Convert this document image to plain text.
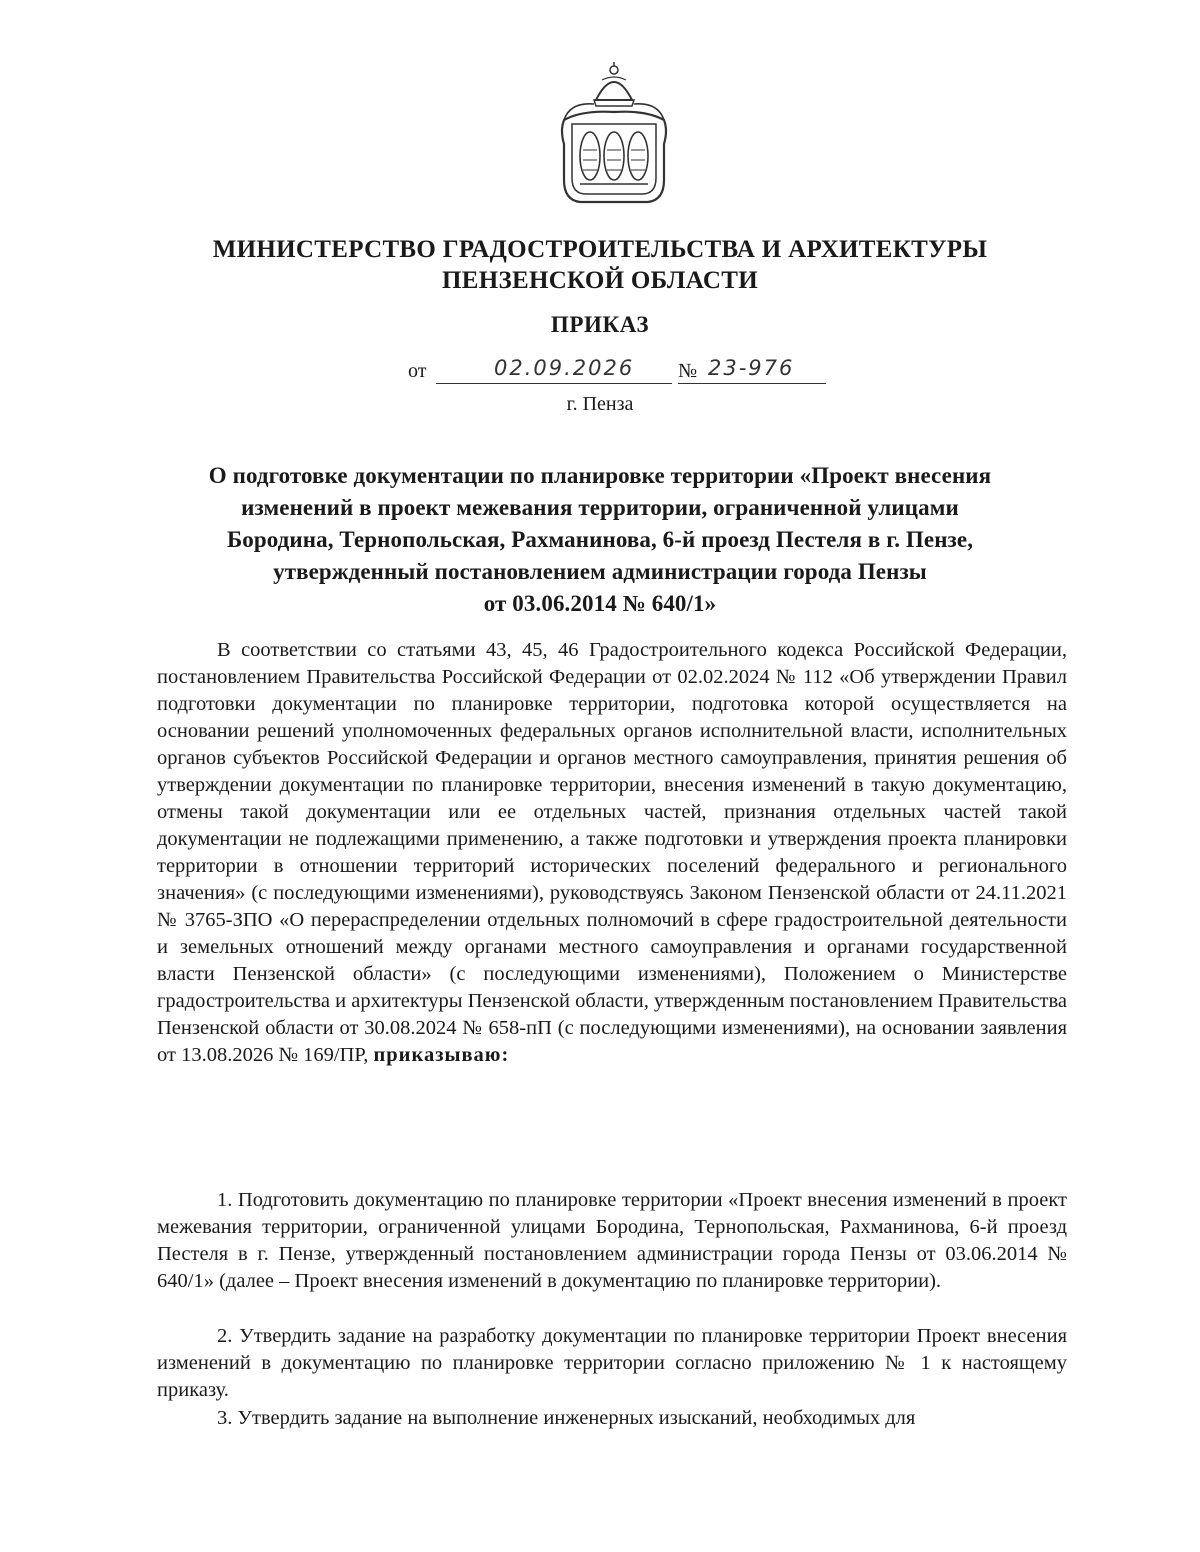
МИНИСТЕРСТВО ГРАДОСТРОИТЕЛЬСТВА И АРХИТЕКТУРЫ
ПЕНЗЕНСКОЙ ОБЛАСТИ
ПРИКАЗ
от	02.09.2026 № 23-976
г. Пенза
О подготовке документации по планировке территории «Проект внесения
изменений в проект межевания территории, ограниченной улицами
Бородина, Тернопольская, Рахманинова, 6-й проезд Пестеля в г. Пензе,
утвержденный постановлением администрации города Пензы
от 03.06.2014 № 640/1»
В соответствии со статьями 43, 45, 46 Градостроительного кодекса Российской Федерации, постановлением Правительства Российской Федерации от 02.02.2024 № 112 «Об утверждении Правил подготовки документации по планировке территории, подготовка которой осуществляется на основании решений уполномоченных федеральных органов исполнительной власти, исполнительных органов субъектов Российской Федерации и органов местного самоуправления, принятия решения об утверждении документации по планировке территории, внесения изменений в такую документацию, отмены такой документации или ее отдельных частей, признания отдельных частей такой документации не подлежащими применению, а также подготовки и утверждения проекта планировки территории в отношении территорий исторических поселений федерального и регионального значения» (с последующими изменениями), руководствуясь Законом Пензенской области от 24.11.2021 № 3765-ЗПО «О перераспределении отдельных полномочий в сфере градостроительной деятельности и земельных отношений между органами местного самоуправления и органами государственной власти Пензенской области» (с последующими изменениями), Положением о Министерстве градостроительства и архитектуры Пензенской области, утвержденным постановлением Правительства Пензенской области от 30.08.2024 № 658-пП (с последующими изменениями), на основании заявления от 13.08.2026 № 169/ПР, приказываю:
1. Подготовить документацию по планировке территории «Проект внесения изменений в проект межевания территории, ограниченной улицами Бородина, Тернопольская, Рахманинова, 6-й проезд Пестеля в г. Пензе, утвержденный постановлением администрации города Пензы от 03.06.2014 № 640/1» (далее – Проект внесения изменений в документацию по планировке территории).
2. Утвердить задание на разработку документации по планировке территории Проект внесения изменений в документацию по планировке территории согласно приложению № 1 к настоящему приказу.
3. Утвердить задание на выполнение инженерных изысканий, необходимых для
